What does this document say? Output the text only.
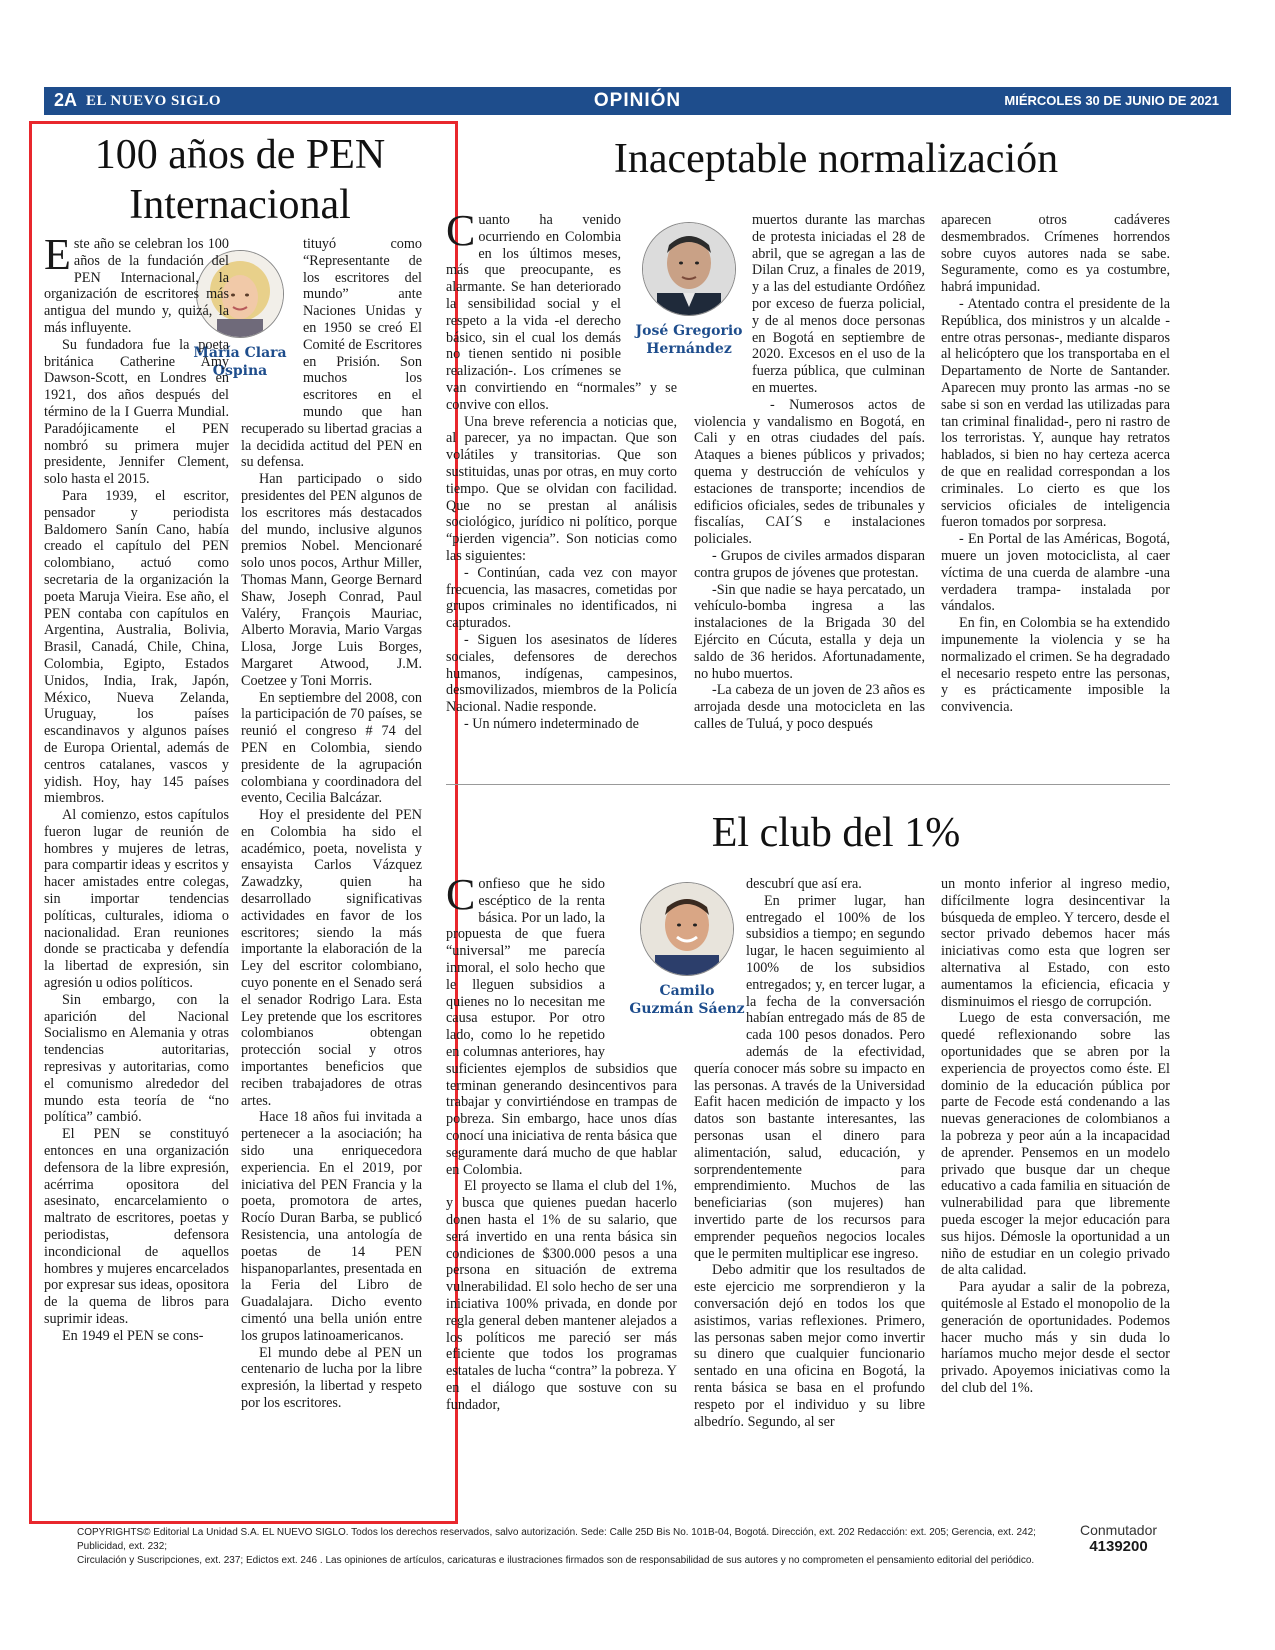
2A EL NUEVO SIGLO	OPINIÓN	MIÉRCOLES 30 DE JUNIO DE 2021
100 años de PEN Internacional
María Clara Ospina

Este año se celebran los 100 años de la fundación del PEN Internacional, la organización de escritores más antigua del mundo y, quizá, la más influyente.

Su fundadora fue la poeta británica Catherine Amy Dawson-Scott, en Londres en 1921, dos años después del término de la I Guerra Mundial. Paradójicamente el PEN nombró su primera mujer presidente, Jennifer Clement, solo hasta el 2015.

Para 1939, el escritor, pensador y periodista Baldomero Sanín Cano, había creado el capítulo del PEN colombiano, actuó como secretaria de la organización la poeta Maruja Vieira. Ese año, el PEN contaba con capítulos en Argentina, Australia, Bolivia, Brasil, Canadá, Chile, China, Colombia, Egipto, Estados Unidos, India, Irak, Japón, México, Nueva Zelanda, Uruguay, los países escandinavos y algunos países de Europa Oriental, además de centros catalanes, vascos y yidish. Hoy, hay 145 países miembros.

Al comienzo, estos capítulos fueron lugar de reunión de hombres y mujeres de letras, para compartir ideas y escritos y hacer amistades entre colegas, sin importar tendencias políticas, culturales, idioma o nacionalidad. Eran reuniones donde se practicaba y defendía la libertad de expresión, sin agresión u odios políticos.

Sin embargo, con la aparición del Nacional Socialismo en Alemania y otras tendencias autoritarias, represivas y autoritarias, como el comunismo alrededor del mundo esta teoría de “no política” cambió.

El PEN se constituyó entonces en una organización defensora de la libre expresión, acérrima opositora del asesinato, encarcelamiento o maltrato de escritores, poetas y periodistas, defensora incondicional de aquellos hombres y mujeres encarcelados por expresar sus ideas, opositora de la quema de libros para suprimir ideas.

En 1949 el PEN se cons-

tituyó como “Representante de los escritores del mundo” ante Naciones Unidas y en 1950 se creó El Comité de Escritores en Prisión. Son muchos los escritores en el mundo que han recuperado su libertad gracias a la decidida actitud del PEN en su defensa.

Han participado o sido presidentes del PEN algunos de los escritores más destacados del mundo, inclusive algunos premios Nobel. Mencionaré solo unos pocos, Arthur Miller, Thomas Mann, George Bernard Shaw, Joseph Conrad, Paul Valéry, François Mauriac, Alberto Moravia, Mario Vargas Llosa, Jorge Luis Borges, Margaret Atwood, J.M. Coetzee y Toni Morris.

En septiembre del 2008, con la participación de 70 países, se reunió el congreso # 74 del PEN en Colombia, siendo presidente de la agrupación colombiana y coordinadora del evento, Cecilia Balcázar.

Hoy el presidente del PEN en Colombia ha sido el académico, poeta, novelista y ensayista Carlos Vázquez Zawadzky, quien ha desarrollado significativas actividades en favor de los escritores; siendo la más importante la elaboración de la Ley del escritor colombiano, cuyo ponente en el Senado será el senador Rodrigo Lara. Esta Ley pretende que los escritores colombianos obtengan protección social y otros importantes beneficios que reciben trabajadores de otras artes.

Hace 18 años fui invitada a pertenecer a la asociación; ha sido una enriquecedora experiencia. En el 2019, por iniciativa del PEN Francia y la poeta, promotora de artes, Rocío Duran Barba, se publicó Resistencia, una antología de poetas de 14 PEN hispanoparlantes, presentada en la Feria del Libro de Guadalajara. Dicho evento cimentó una bella unión entre los grupos latinoamericanos.

El mundo debe al PEN un centenario de lucha por la libre expresión, la libertad y respeto por los escritores.

Inaceptable normalización
José Gregorio Hernández

Cuanto ha venido ocurriendo en Colombia en los últimos meses, más que preocupante, es alarmante. Se han deteriorado la sensibilidad social y el respeto a la vida -el derecho básico, sin el cual los demás no tienen sentido ni posible realización-. Los crímenes se van convirtiendo en “normales” y se convive con ellos.

Una breve referencia a noticias que, al parecer, ya no impactan. Que son volátiles y transitorias. Que son sustituidas, unas por otras, en muy corto tiempo. Que se olvidan con facilidad. Que no se prestan al análisis sociológico, jurídico ni político, porque “pierden vigencia”. Son noticias como las siguientes:

- Continúan, cada vez con mayor frecuencia, las masacres, cometidas por grupos criminales no identificados, ni capturados.

- Siguen los asesinatos de líderes sociales, defensores de derechos humanos, indígenas, campesinos, desmovilizados, miembros de la Policía Nacional. Nadie responde.

- Un número indeterminado de

muertos durante las marchas de protesta iniciadas el 28 de abril, que se agregan a las de Dilan Cruz, a finales de 2019, y a las del estudiante Ordóñez por exceso de fuerza policial, y de al menos doce personas en Bogotá en septiembre de 2020. Excesos en el uso de la fuerza pública, que culminan en muertes.

- Numerosos actos de violencia y vandalismo en Bogotá, en Cali y en otras ciudades del país. Ataques a bienes públicos y privados; quema y destrucción de vehículos y estaciones de transporte; incendios de edificios oficiales, sedes de tribunales y fiscalías, CAI´S e instalaciones policiales.

- Grupos de civiles armados disparan contra grupos de jóvenes que protestan.

-Sin que nadie se haya percatado, un vehículo-bomba ingresa a las instalaciones de la Brigada 30 del Ejército en Cúcuta, estalla y deja un saldo de 36 heridos. Afortunadamente, no hubo muertos.

-La cabeza de un joven de 23 años es arrojada desde una motocicleta en las calles de Tuluá, y poco después

aparecen otros cadáveres desmembrados. Crímenes horrendos sobre cuyos autores nada se sabe. Seguramente, como es ya costumbre, habrá impunidad.

- Atentado contra el presidente de la República, dos ministros y un alcalde -entre otras personas-, mediante disparos al helicóptero que los transportaba en el Departamento de Norte de Santander. Aparecen muy pronto las armas -no se sabe si son en verdad las utilizadas para tan criminal finalidad-, pero ni rastro de los terroristas. Y, aunque hay retratos hablados, si bien no hay certeza acerca de que en realidad correspondan a los criminales. Lo cierto es que los servicios oficiales de inteligencia fueron tomados por sorpresa.

- En Portal de las Américas, Bogotá, muere un joven motociclista, al caer víctima de una cuerda de alambre -una verdadera trampa- instalada por vándalos.

En fin, en Colombia se ha extendido impunemente la violencia y se ha normalizado el crimen. Se ha degradado el necesario respeto entre las personas, y es prácticamente imposible la convivencia.

El club del 1%
Camilo Guzmán Sáenz

Confieso que he sido escéptico de la renta básica. Por un lado, la propuesta de que fuera “universal” me parecía inmoral, el solo hecho que le lleguen subsidios a quienes no lo necesitan me causa estupor. Por otro lado, como lo he repetido en columnas anteriores, hay suficientes ejemplos de subsidios que terminan generando desincentivos para trabajar y convirtiéndose en trampas de pobreza. Sin embargo, hace unos días conocí una iniciativa de renta básica que seguramente dará mucho de que hablar en Colombia.

El proyecto se llama el club del 1%, y busca que quienes puedan hacerlo donen hasta el 1% de su salario, que será invertido en una renta básica sin condiciones de $300.000 pesos a una persona en situación de extrema vulnerabilidad. El solo hecho de ser una iniciativa 100% privada, en donde por regla general deben mantener alejados a los políticos me pareció ser más eficiente que todos los programas estatales de lucha “contra” la pobreza. Y en el diálogo que sostuve con su fundador,

descubrí que así era.

En primer lugar, han entregado el 100% de los subsidios a tiempo; en segundo lugar, le hacen seguimiento al 100% de los subsidios entregados; y, en tercer lugar, a la fecha de la conversación habían entregado más de 85 de cada 100 pesos donados. Pero además de la efectividad, quería conocer más sobre su impacto en las personas. A través de la Universidad Eafit hacen medición de impacto y los datos son bastante interesantes, las personas usan el dinero para alimentación, salud, educación, y sorprendentemente para emprendimiento. Muchos de las beneficiarias (son mujeres) han invertido parte de los recursos para emprender pequeños negocios locales que le permiten multiplicar ese ingreso.

Debo admitir que los resultados de este ejercicio me sorprendieron y la conversación dejó en todos los que asistimos, varias reflexiones. Primero, las personas saben mejor como invertir su dinero que cualquier funcionario sentado en una oficina en Bogotá, la renta básica se basa en el profundo respeto por el individuo y su libre albedrío. Segundo, al ser

un monto inferior al ingreso medio, difícilmente logra desincentivar la búsqueda de empleo. Y tercero, desde el sector privado debemos hacer más iniciativas como esta que logren ser alternativa al Estado, con esto aumentamos la eficiencia, eficacia y disminuimos el riesgo de corrupción.

Luego de esta conversación, me quedé reflexionando sobre las oportunidades que se abren por la experiencia de proyectos como éste. El dominio de la educación pública por parte de Fecode está condenando a las nuevas generaciones de colombianos a la pobreza y peor aún a la incapacidad de aprender. Pensemos en un modelo privado que busque dar un cheque educativo a cada familia en situación de vulnerabilidad para que libremente pueda escoger la mejor educación para sus hijos. Démosle la oportunidad a un niño de estudiar en un colegio privado de alta calidad.

Para ayudar a salir de la pobreza, quitémosle al Estado el monopolio de la generación de oportunidades. Podemos hacer mucho más y sin duda lo haríamos mucho mejor desde el sector privado. Apoyemos iniciativas como la del club del 1%.

COPYRIGHTS© Editorial La Unidad S.A. EL NUEVO SIGLO. Todos los derechos reservados, salvo autorización. Sede: Calle 25D Bis No. 101B-04, Bogotá. Dirección, ext. 202 Redacción: ext. 205; Gerencia, ext. 242; Publicidad, ext. 232;
Circulación y Suscripciones, ext. 237; Edictos ext. 246 . Las opiniones de artículos, caricaturas e ilustraciones firmados son de responsabilidad de sus autores y no comprometen el pensamiento editorial del periódico.
Conmutador
4139200
